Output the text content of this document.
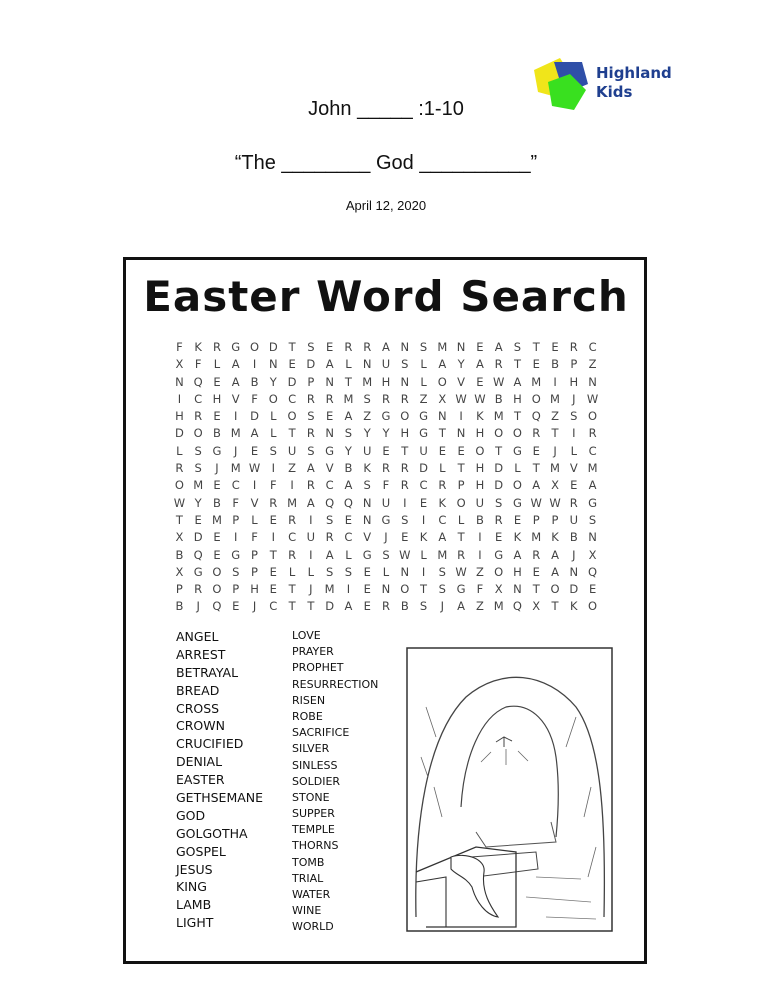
Highland
Kids
John _____ :1-10
“The ________ God __________”
April 12, 2020
Easter Word Search
F	K R G O D T	S E R R A N S M N E A S	T	E R C
X	F	L	A	I	N E D A	L N U S	L	A Y A R T	E B P Z
N Q E A B Y D P N T M H N L O V E W A M	I	H N
I	C H V	F O C R R M S R R Z X W W B H O M	J W
H R E	I	D L O S E A Z G O G N	I	K M T Q Z S O
D O B M A	L	T R N S	Y	Y H G T N H O O R T	I	R
L	S G	J	E S U S G Y U E	T U E	E O T G E	J	L	C
R S	J	M W I	Z A V B K R R D L	T H D L	T M V M
O M E C	I	F	I	R C A S	F R C R P H D O A X E A
W Y B	F	V R M A Q Q N U	I	E K O U S G W W R G
T	E M P	L	E R	I	S E N G S	I	C	L	B R E	P	P U S
X D E	I	F	I	C U R C V	J	E K A T	I	E K M K B N
B Q E G P	T R	I	A	L G S W L M R	I	G A R A	J	X
X G O S	P	E	L	L	S S E	L N	I	S W Z O H E A N Q
P R O P H E	T	J	M	I	E N O T	S G F	X N T O D E
B	J	Q E	J	C T	T D A E R B S	J	A Z M Q X T K O
ANGEL
ARREST
BETRAYAL
BREAD
CROSS
CROWN
CRUCIFIED
DENIAL
EASTER
GETHSEMANE
GOD
GOLGOTHA
GOSPEL
JESUS
KING
LAMB
LIGHT
LOVE
PRAYER
PROPHET
RESURRECTION
RISEN
ROBE
SACRIFICE
SILVER
SINLESS
SOLDIER
STONE
SUPPER
TEMPLE
THORNS
TOMB
TRIAL
WATER
WINE
WORLD
